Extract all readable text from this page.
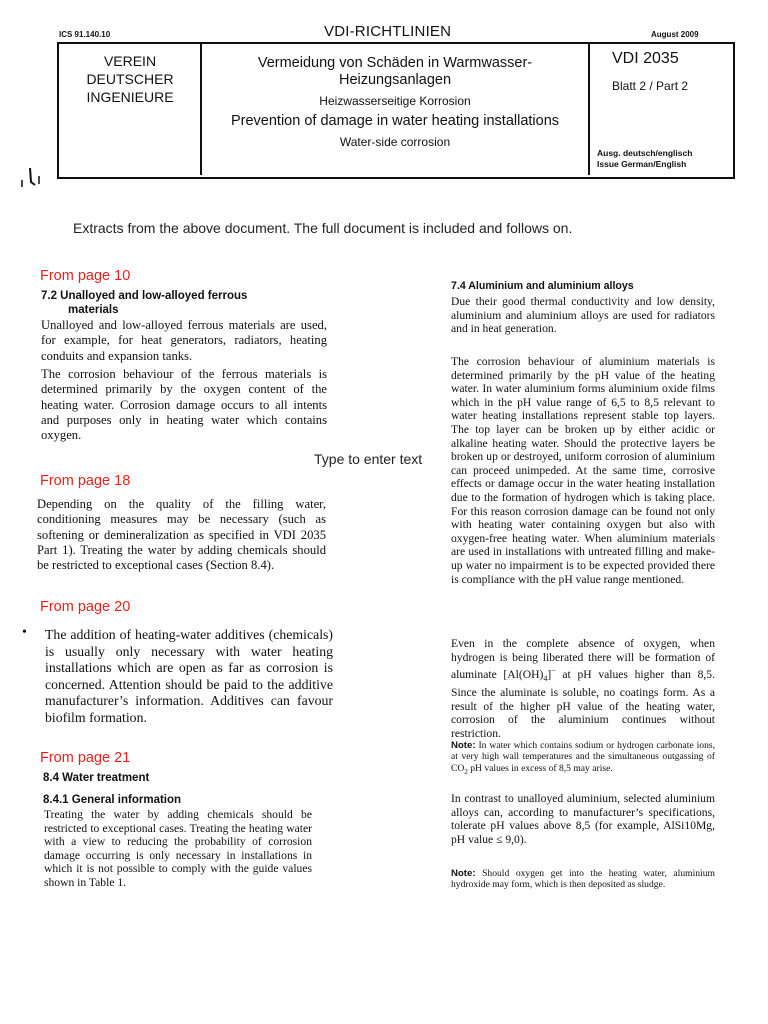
ICS 91.140.10	VDI-RICHTLINIEN	August 2009
VEREIN
DEUTSCHER
INGENIEURE
Vermeidung von Schäden in Warmwasser-
Heizungsanlagen
Heizwasserseitige Korrosion
Prevention of damage in water heating installations
Water-side corrosion
VDI 2035
Blatt 2 / Part 2
Ausg. deutsch/englisch
Issue German/English
Extracts from the above document. The full document is included and follows on.
From page 10
7.2 Unalloyed and low-alloyed ferrous
materials
Unalloyed and low-alloyed ferrous materials are used, for example, for heat generators, radiators, heating conduits and expansion tanks.
The corrosion behaviour of the ferrous materials is determined primarily by the oxygen content of the heating water. Corrosion damage occurs to all intents and purposes only in heating water which contains oxygen.
Type to enter text
From page 18
Depending on the quality of the filling water, conditioning measures may be necessary (such as softening or demineralization as specified in VDI 2035 Part 1). Treating the water by adding chemicals should be restricted to exceptional cases (Section 8.4).
From page 20
• The addition of heating-water additives (chemicals) is usually only necessary with water heating installations which are open as far as corrosion is concerned. Attention should be paid to the additive manufacturer’s information. Additives can favour biofilm formation.
From page 21
8.4 Water treatment
8.4.1 General information
Treating the water by adding chemicals should be restricted to exceptional cases. Treating the heating water with a view to reducing the probability of corrosion damage occurring is only necessary in installations in which it is not possible to comply with the guide values shown in Table 1.
7.4 Aluminium and aluminium alloys
Due their good thermal conductivity and low density, aluminium and aluminium alloys are used for radiators and in heat generation.
The corrosion behaviour of aluminium materials is determined primarily by the pH value of the heating water. In water aluminium forms aluminium oxide films which in the pH value range of 6,5 to 8,5 relevant to water heating installations represent stable top layers. The top layer can be broken up by either acidic or alkaline heating water. Should the protective layers be broken up or destroyed, uniform corrosion of aluminium can proceed unimpeded. At the same time, corrosive effects or damage occur in the water heating installation due to the formation of hydrogen which is taking place. For this reason corrosion damage can be found not only with heating water containing oxygen but also with oxygen-free heating water. When aluminium materials are used in installations with untreated filling and make-up water no impairment is to be expected provided there is compliance with the pH value range mentioned.
Even in the complete absence of oxygen, when hydrogen is being liberated there will be formation of aluminate $[Al(OH)_4]^-$ at pH values higher than 8,5. Since the aluminate is soluble, no coatings form. As a result of the higher pH value of the heating water, corrosion of the aluminium continues without restriction.
Note: In water which contains sodium or hydrogen carbonate ions, at very high wall temperatures and the simultaneous outgassing of $CO_2$ pH values in excess of 8,5 may arise.
In contrast to unalloyed aluminium, selected aluminium alloys can, according to manufacturer’s specifications, tolerate pH values above 8,5 (for example, AlSi10Mg, pH value ≤ 9,0).
Note: Should oxygen get into the heating water, aluminium hydroxide may form, which is then deposited as sludge.
